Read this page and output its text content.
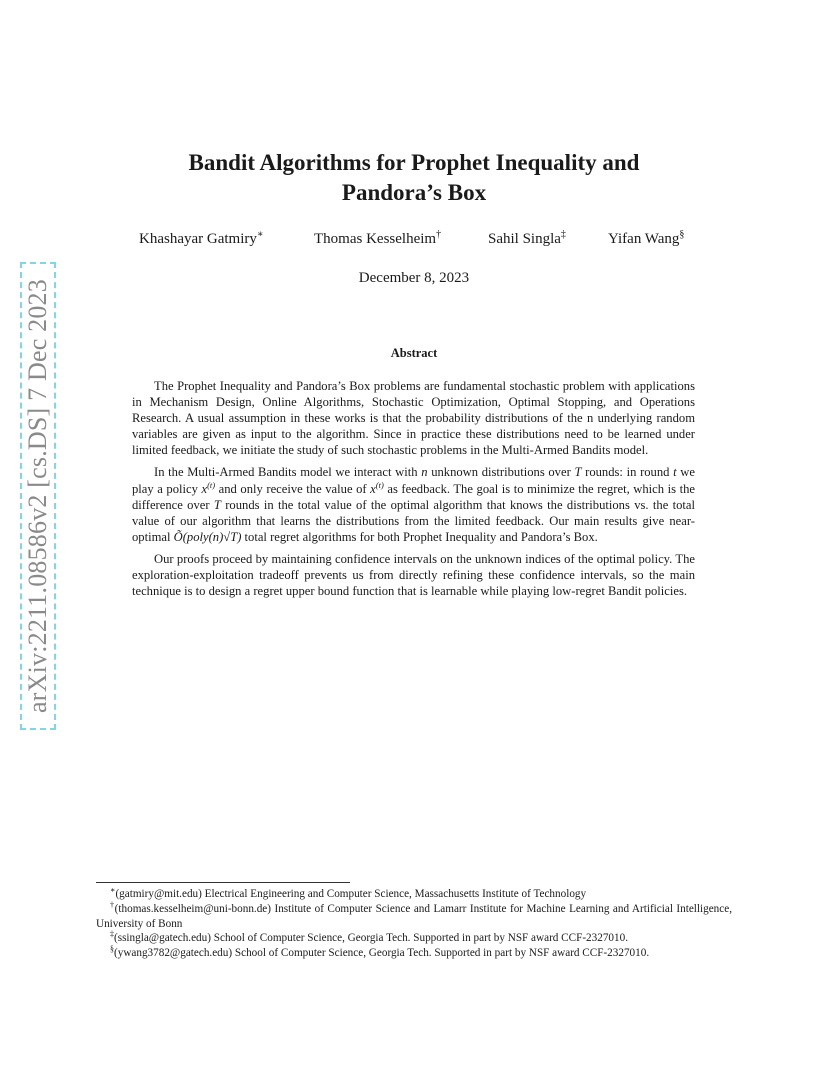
arXiv:2211.08586v2 [cs.DS] 7 Dec 2023
Bandit Algorithms for Prophet Inequality and
Pandora’s Box
Khashayar Gatmiry∗	Thomas Kesselheim†	Sahil Singla‡	Yifan Wang§
December 8, 2023
Abstract

The Prophet Inequality and Pandora’s Box problems are fundamental stochastic problem with applications in Mechanism Design, Online Algorithms, Stochastic Optimization, Optimal Stopping, and Operations Research. A usual assumption in these works is that the probability distributions of the n underlying random variables are given as input to the algorithm. Since in practice these distributions need to be learned under limited feedback, we initiate the study of such stochastic problems in the Multi-Armed Bandits model.

In the Multi-Armed Bandits model we interact with n unknown distributions over T rounds: in round t we play a policy $x^{(t)}$ and only receive the value of $x^{(t)}$ as feedback. The goal is to minimize the regret, which is the difference over T rounds in the total value of the optimal algorithm that knows the distributions vs. the total value of our algorithm that learns the distributions from the limited feedback. Our main results give near-optimal Õ(poly(n)√T) total regret algorithms for both Prophet Inequality and Pandora’s Box.

Our proofs proceed by maintaining confidence intervals on the unknown indices of the optimal policy. The exploration-exploitation tradeoff prevents us from directly refining these confidence intervals, so the main technique is to design a regret upper bound function that is learnable while playing low-regret Bandit policies.

∗(gatmiry@mit.edu) Electrical Engineering and Computer Science, Massachusetts Institute of Technology

†(thomas.kesselheim@uni-bonn.de) Institute of Computer Science and Lamarr Institute for Machine Learning and Artificial Intelligence, University of Bonn

‡(ssingla@gatech.edu) School of Computer Science, Georgia Tech. Supported in part by NSF award CCF-2327010.

§(ywang3782@gatech.edu) School of Computer Science, Georgia Tech. Supported in part by NSF award CCF-2327010.
